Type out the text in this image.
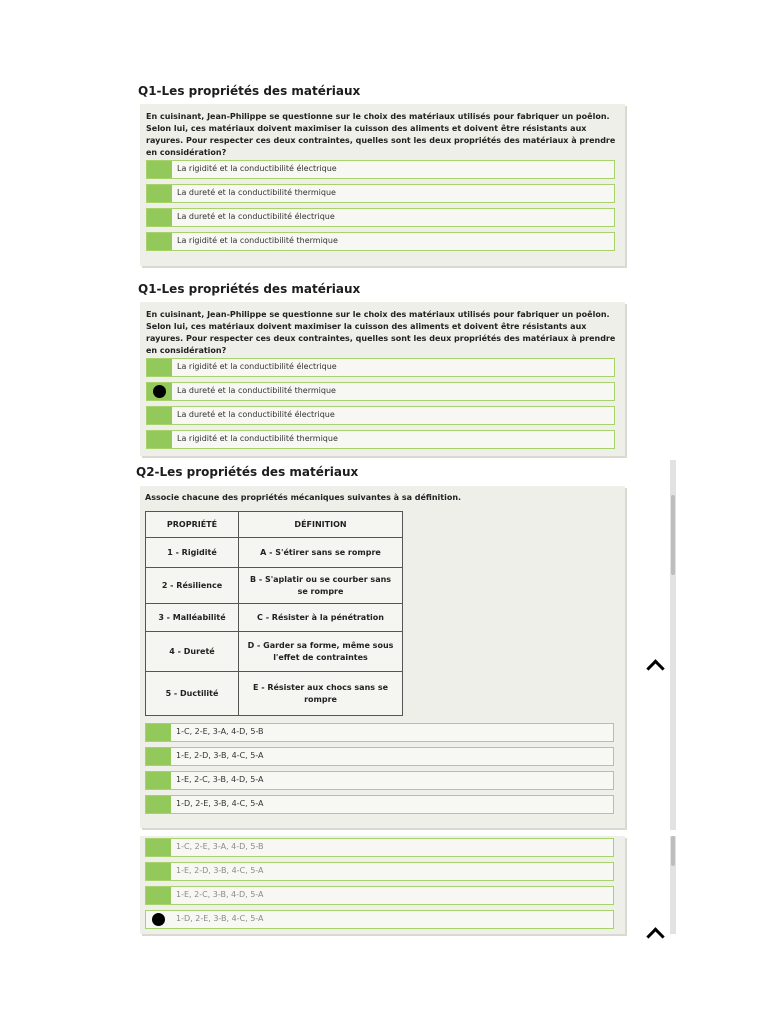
Q1-Les propriétés des matériaux
En cuisinant, Jean-Philippe se questionne sur le choix des matériaux utilisés pour fabriquer un poêlon. Selon lui, ces matériaux doivent maximiser la cuisson des aliments et doivent être résistants aux rayures. Pour respecter ces deux contraintes, quelles sont les deux propriétés des matériaux à prendre en considération?
La rigidité et la conductibilité électrique
La dureté et la conductibilité thermique
La dureté et la conductibilité électrique
La rigidité et la conductibilité thermique
Q1-Les propriétés des matériaux
En cuisinant, Jean-Philippe se questionne sur le choix des matériaux utilisés pour fabriquer un poêlon. Selon lui, ces matériaux doivent maximiser la cuisson des aliments et doivent être résistants aux rayures. Pour respecter ces deux contraintes, quelles sont les deux propriétés des matériaux à prendre en considération?
La rigidité et la conductibilité électrique
La dureté et la conductibilité thermique
La dureté et la conductibilité électrique
La rigidité et la conductibilité thermique
Q2-Les propriétés des matériaux
Associe chacune des propriétés mécaniques suivantes à sa définition.
PROPRIÉTÉ	DÉFINITION
1 - Rigidité	A - S'étirer sans se rompre
2 - Résilience	B - S'aplatir ou se courber sans se rompre
3 - Malléabilité	C - Résister à la pénétration
4 - Dureté	D - Garder sa forme, même sous l'effet de contraintes
5 - Ductilité	E - Résister aux chocs sans se rompre
1-C, 2-E, 3-A, 4-D, 5-B
1-E, 2-D, 3-B, 4-C, 5-A
1-E, 2-C, 3-B, 4-D, 5-A
1-D, 2-E, 3-B, 4-C, 5-A
1-C, 2-E, 3-A, 4-D, 5-B
1-E, 2-D, 3-B, 4-C, 5-A
1-E, 2-C, 3-B, 4-D, 5-A
1-D, 2-E, 3-B, 4-C, 5-A
